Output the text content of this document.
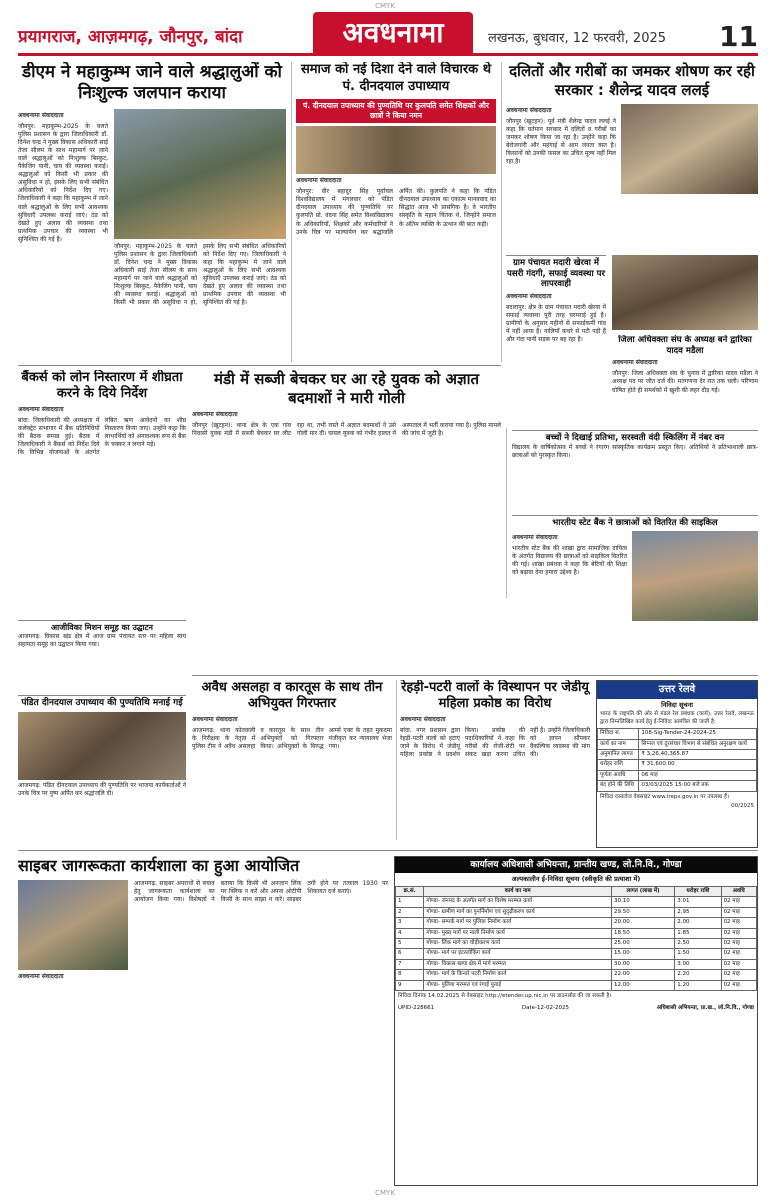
CMYK
प्रयागराज, आज़मगढ़, जौनपुर, बांदा	अवधनामा	लखनऊ, बुधवार, 12 फरवरी, 2025 11
डीएम ने महाकुम्भ जाने वाले श्रद्धालुओं को निःशुल्क जलपान कराया
अवधनामा संवाददाता
जौनपुर: महाकुम्भ-2025 के चलते पुलिस प्रशासन के द्वारा जिलाधिकारी डॉ. दिनेश चन्द्र ने मुख्य विकास अधिकारी साई तेजा सीलम के साथ महामार्ग पर जाने वाले श्रद्धालुओं को निःशुल्क बिस्कुट, पैकेजिंग पानी, चाय की व्यवस्था कराई। श्रद्धालुओं को किसी भी प्रकार की असुविधा न हो, इसके लिए सभी संबंधित अधिकारियों को निर्देश दिए गए। जिलाधिकारी ने कहा कि महाकुम्भ में जाने वाले श्रद्धालुओं के लिए सभी आवश्यक सुविधाएँ उपलब्ध कराई जाएं। ठंड को देखते हुए अलाव की व्यवस्था तथा प्राथमिक उपचार की व्यवस्था भी सुनिश्चित की गई है।
जौनपुर: महाकुम्भ-2025 के चलते पुलिस प्रशासन के द्वारा जिलाधिकारी डॉ. दिनेश चन्द्र ने मुख्य विकास अधिकारी साई तेजा सीलम के साथ महामार्ग पर जाने वाले श्रद्धालुओं को निःशुल्क बिस्कुट, पैकेजिंग पानी, चाय की व्यवस्था कराई। श्रद्धालुओं को किसी भी प्रकार की असुविधा न हो, इसके लिए सभी संबंधित अधिकारियों को निर्देश दिए गए। जिलाधिकारी ने कहा कि महाकुम्भ में जाने वाले श्रद्धालुओं के लिए सभी आवश्यक सुविधाएँ उपलब्ध कराई जाएं। ठंड को देखते हुए अलाव की व्यवस्था तथा प्राथमिक उपचार की व्यवस्था भी सुनिश्चित की गई है।
समाज को नई दिशा देने वाले विचारक थे पं. दीनदयाल उपाध्याय
पं. दीनदयाल उपाध्याय की पुण्यतिथि पर कुलपति समेत शिक्षकों और छात्रों ने किया नमन
अवधनामा संवाददाता
जौनपुर: वीर बहादुर सिंह पूर्वांचल विश्वविद्यालय में मंगलवार को पंडित दीनदयाल उपाध्याय की पुण्यतिथि पर कुलपति प्रो. वंदना सिंह समेत विश्वविद्यालय के अधिकारियों, शिक्षकों और कर्मचारियों ने उनके चित्र पर माल्यार्पण कर श्रद्धांजलि अर्पित की। कुलपति ने कहा कि पंडित दीनदयाल उपाध्याय का एकात्म मानववाद का सिद्धांत आज भी प्रासंगिक है। वे भारतीय संस्कृति के महान चिंतक थे, जिन्होंने समाज के अंतिम व्यक्ति के उत्थान की बात कही।
दलितों और गरीबों का जमकर शोषण कर रही सरकार : शैलेन्द्र यादव ललई
अवधनामा संवाददाता
जौनपुर (खुटहन): पूर्व मंत्री शैलेन्द्र यादव ललई ने कहा कि वर्तमान सरकार में दलितों व गरीबों का जमकर शोषण किया जा रहा है। उन्होंने कहा कि बेरोजगारी और महंगाई से आम जनता त्रस्त है। किसानों को उनकी फसल का उचित मूल्य नहीं मिल रहा है।
ग्राम पंचायत मदारी खेरवा में पसरी गंदगी, सफाई व्यवस्था पर लापरवाही
अवधनामा संवाददाता
बदलापुर: क्षेत्र के ग्राम पंचायत मदारी खेरवा में सफाई व्यवस्था पूरी तरह चरमराई हुई है। ग्रामीणों के अनुसार महीनों से सफाईकर्मी गांव में नहीं आया है। नालियाँ कचरे से पटी पड़ी हैं और गंदा पानी सड़क पर बह रहा है।	जिला अधिवक्ता संघ के अध्यक्ष बने द्वारिका यादव मडैला
अवधनामा संवाददाता
जौनपुर: जिला अधिवक्ता संघ के चुनाव में द्वारिका यादव मडैला ने अध्यक्ष पद पर जीत दर्ज की। मतगणना देर रात तक चली। परिणाम घोषित होते ही समर्थकों में खुशी की लहर दौड़ गई।
बैंकर्स को लोन निस्तारण में शीघ्रता करने के दिये निर्देश
अवधनामा संवाददाता
बांदा: जिलाधिकारी की अध्यक्षता में कलेक्ट्रेट सभागार में बैंक प्रतिनिधियों की बैठक सम्पन्न हुई। बैठक में जिलाधिकारी ने बैंकर्स को निर्देश दिये कि विभिन्न योजनाओं के अंतर्गत लंबित ऋण आवेदनों का शीघ्र निस्तारण किया जाए। उन्होंने कहा कि लाभार्थियों को अनावश्यक रूप से बैंक के चक्कर न लगाने पड़ें।
मंडी में सब्जी बेचकर घर आ रहे युवक को अज्ञात बदमाशों ने मारी गोली
अवधनामा संवाददाता
जौनपुर (खुटहन): थाना क्षेत्र के एक गांव निवासी युवक मंडी में सब्जी बेचकर घर लौट रहा था, तभी रास्ते में अज्ञात बदमाशों ने उसे गोली मार दी। घायल युवक को गंभीर हालत में अस्पताल में भर्ती कराया गया है। पुलिस मामले की जांच में जुटी है।	बच्चों ने दिखाई प्रतिभा, सरस्वती वंदी स्किलिंग में नंबर वन
विद्यालय के वार्षिकोत्सव में बच्चों ने रंगारंग सांस्कृतिक कार्यक्रम प्रस्तुत किए। अतिथियों ने प्रतिभाशाली छात्र-छात्राओं को पुरस्कृत किया।
भारतीय स्टेट बैंक ने छात्राओं को वितरित की साइकिल
अवधनामा संवाददाता
भारतीय स्टेट बैंक की शाखा द्वारा सामाजिक दायित्व के अंतर्गत विद्यालय की छात्राओं को साइकिल वितरित की गई। शाखा प्रबंधक ने कहा कि बेटियों की शिक्षा को बढ़ावा देना हमारा उद्देश्य है।
आजीविका मिशन समूह का उद्घाटन
आजमगढ़: विकास खंड क्षेत्र में आज ग्राम पंचायत स्तर पर महिला स्वयं सहायता समूह का उद्घाटन किया गया।
पंडित दीनदयाल उपाध्याय की पुण्यतिथि मनाई गई
आजमगढ़: पंडित दीनदयाल उपाध्याय की पुण्यतिथि पर भाजपा कार्यकर्ताओं ने उनके चित्र पर पुष्प अर्पित कर श्रद्धांजलि दी।
अवैध असलहा व कारतूस के साथ तीन अभियुक्त गिरफ्तार
अवधनामा संवाददाता
आजमगढ़: थाना कोतवाली के निरीक्षक के नेतृत्व में पुलिस टीम ने अवैध असलहा व कारतूस के साथ तीन अभियुक्तों को गिरफ्तार किया। अभियुक्तों के विरुद्ध आर्म्स एक्ट के तहत मुकदमा पंजीकृत कर न्यायालय भेजा गया।
रेहड़ी-पटरी वालों के विस्थापन पर जेडीयू महिला प्रकोष्ठ का विरोध
अवधनामा संवाददाता
बांदा: नगर प्रशासन द्वारा रेहड़ी-पटरी वालों को हटाए जाने के विरोध में जेडीयू महिला प्रकोष्ठ ने प्रदर्शन किया। प्रकोष्ठ की पदाधिकारियों ने कहा कि गरीबों की रोजी-रोटी पर संकट खड़ा करना उचित नहीं है। उन्होंने जिलाधिकारी को ज्ञापन सौंपकर वैकल्पिक व्यवस्था की मांग की।
उत्तर रेलवे
निविदा सूचना
भारत के राष्ट्रपति की ओर से मंडल रेल प्रबंधक (कार्य), उत्तर रेलवे, लखनऊ द्वारा निम्नलिखित कार्य हेतु ई-निविदा आमंत्रित की जाती है:
निविदा सं.	108-Sig-Tender-24-2024-25
कार्य का नाम	सिग्नल एवं दूरसंचार विभाग से संबंधित अनुरक्षण कार्य
अनुमानित लागत	₹ 3,26,40,365.87
धरोहर राशि	₹ 31,600.00
पूर्णता अवधि	06 माह
बंद होने की तिथि	03/03/2025 15:00 बजे तक
निविदा दस्तावेज वेबसाइट www.ireps.gov.in पर उपलब्ध हैं।
00/2025
साइबर जागरूकता कार्यशाला का हुआ आयोजित
अवधनामा संवाददाता
आजमगढ़: साइबर अपराधों से बचाव हेतु जागरूकता कार्यशाला का आयोजन किया गया। विशेषज्ञों ने बताया कि किसी भी अनजान लिंक पर क्लिक न करें और अपना ओटीपी किसी के साथ साझा न करें। साइबर ठगी होने पर तत्काल 1930 पर शिकायत दर्ज कराएं।
कार्यालय अधिशासी अभियन्ता, प्रान्तीय खण्ड, लो.नि.वि., गोण्डा
अल्पकालीन ई-निविदा सूचना (स्वीकृति की प्रत्याशा में)
क्र.सं.	कार्य का नाम	लागत (लाख में)	धरोहर राशि	अवधि
1	गोण्डा- जनपद के अंतर्गत मार्ग का विशेष मरम्मत कार्य	30.10	3.01	02 माह
2	गोण्डा- ग्रामीण मार्ग का पुनर्निर्माण एवं सुदृढ़ीकरण कार्य	29.50	2.95	02 माह
3	गोण्डा- सम्पर्क मार्ग पर पुलिया निर्माण कार्य	20.00	2.00	02 माह
4	गोण्डा- मुख्य मार्ग पर नाली निर्माण कार्य	18.50	1.85	02 माह
5	गोण्डा- लिंक मार्ग का चौड़ीकरण कार्य	25.00	2.50	02 माह
6	गोण्डा- मार्ग पर इंटरलॉकिंग कार्य	15.00	1.50	02 माह
7	गोण्डा- विकास खण्ड क्षेत्र में मार्ग मरम्मत	30.00	3.00	02 माह
8	गोण्डा- मार्ग के किनारे पटरी निर्माण कार्य	22.00	2.20	02 माह
9	गोण्डा- पुलिया मरम्मत एवं रंगाई पुताई	12.00	1.20	02 माह
निविदा दिनांक 14.02.2025 से वेबसाइट http://etender.up.nic.in पर डाउनलोड की जा सकती है।
UPID-228661	Date-12-02-2025	अधिशासी अभियन्ता, प्रा.ख., लो.नि.वि., गोण्डा
CMYK
